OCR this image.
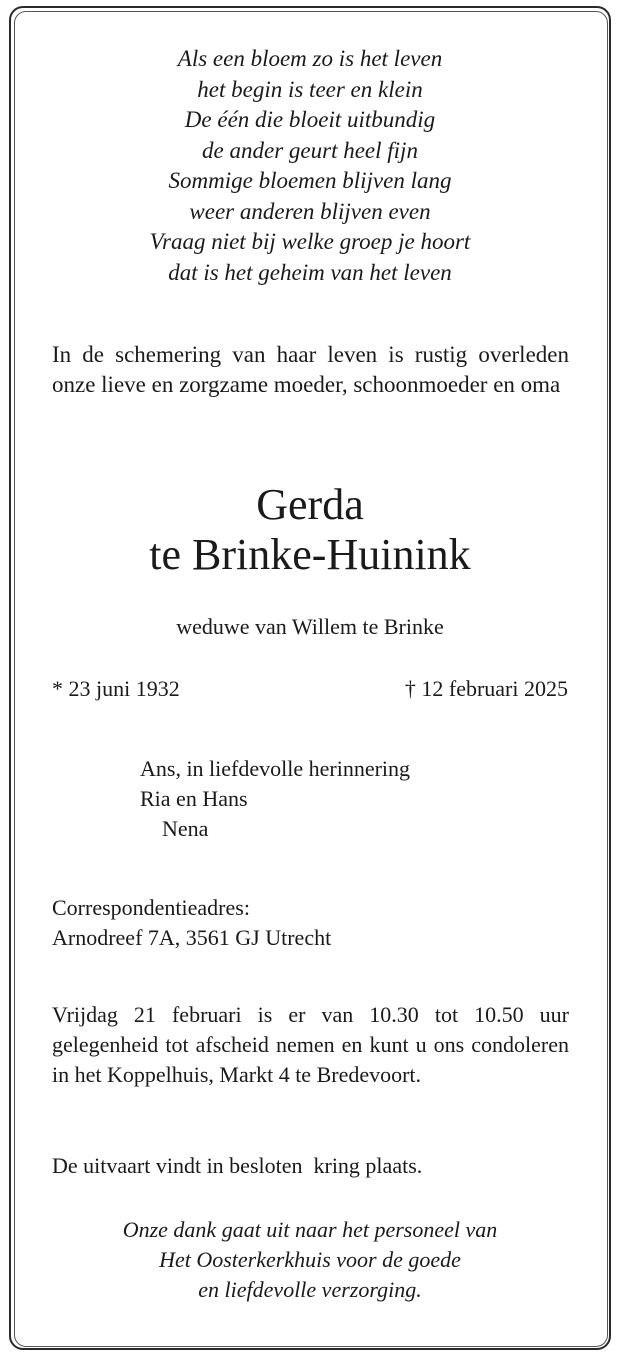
Als een bloem zo is het leven
het begin is teer en klein
De één die bloeit uitbundig
de ander geurt heel fijn
Sommige bloemen blijven lang
weer anderen blijven even
Vraag niet bij welke groep je hoort
dat is het geheim van het leven
In de schemering van haar leven is rustig overleden onze lieve en zorgzame moeder, schoonmoeder en oma
Gerda
te Brinke-Huinink
weduwe van Willem te Brinke
* 23 juni 1932	† 12 februari 2025
Ans, in liefdevolle herinnering
Ria en Hans
Nena
Correspondentieadres:
Arnodreef 7A, 3561 GJ Utrecht
Vrijdag 21 februari is er van 10.30 tot 10.50 uur gelegenheid tot afscheid nemen en kunt u ons condoleren in het Koppelhuis, Markt 4 te Bredevoort.
De uitvaart vindt in besloten  kring plaats.
Onze dank gaat uit naar het personeel van
Het Oosterkerkhuis voor de goede
en liefdevolle verzorging.
